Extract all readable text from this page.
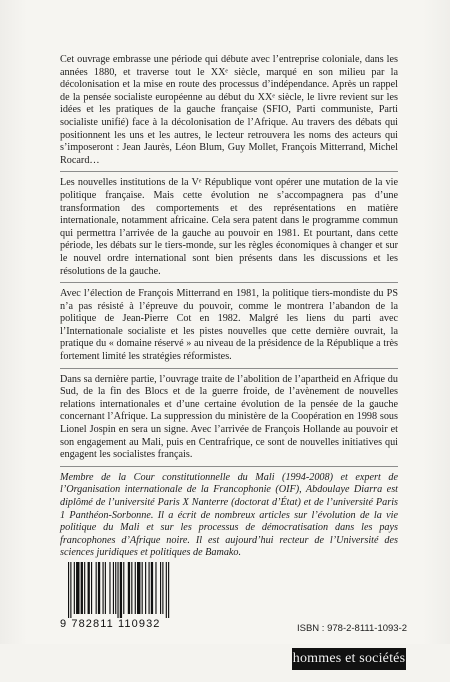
Cet ouvrage embrasse une période qui débute avec l’entreprise coloniale, dans les années 1880, et traverse tout le XXᵉ siècle, marqué en son milieu par la décolonisation et la mise en route des processus d’indépendance. Après un rappel de la pensée socialiste européenne au début du XXᵉ siècle, le livre revient sur les idées et les pratiques de la gauche française (SFIO, Parti communiste, Parti socialiste unifié) face à la décolonisation de l’Afrique. Au travers des débats qui positionnent les uns et les autres, le lecteur retrouvera les noms des acteurs qui s’imposeront : Jean Jaurès, Léon Blum, Guy Mollet, François Mitterrand, Michel Rocard…

Les nouvelles institutions de la Vᵉ République vont opérer une mutation de la vie politique française. Mais cette évolution ne s’accompagnera pas d’une transformation des comportements et des représentations en matière internationale, notamment africaine. Cela sera patent dans le programme commun qui permettra l’arrivée de la gauche au pouvoir en 1981. Et pourtant, dans cette période, les débats sur le tiers-monde, sur les règles économiques à changer et sur le nouvel ordre international sont bien présents dans les discussions et les résolutions de la gauche.

Avec l’élection de François Mitterrand en 1981, la politique tiers-mondiste du PS n’a pas résisté à l’épreuve du pouvoir, comme le montrera l’abandon de la politique de Jean-Pierre Cot en 1982. Malgré les liens du parti avec l’Internationale socialiste et les pistes nouvelles que cette dernière ouvrait, la pratique du « domaine réservé » au niveau de la présidence de la République a très fortement limité les stratégies réformistes.

Dans sa dernière partie, l’ouvrage traite de l’abolition de l’apartheid en Afrique du Sud, de la fin des Blocs et de la guerre froide, de l’avènement de nouvelles relations internationales et d’une certaine évolution de la pensée de la gauche concernant l’Afrique. La suppression du ministère de la Coopération en 1998 sous Lionel Jospin en sera un signe. Avec l’arrivée de François Hollande au pouvoir et son engagement au Mali, puis en Centrafrique, ce sont de nouvelles initiatives qui engagent les socialistes français.

Membre de la Cour constitutionnelle du Mali (1994-2008) et expert de l’Organisation internationale de la Francophonie (OIF), Abdoulaye Diarra est diplômé de l’université Paris X Nanterre (doctorat d’État) et de l’université Paris 1 Panthéon-Sorbonne. Il a écrit de nombreux articles sur l’évolution de la vie politique du Mali et sur les processus de démocratisation dans les pays francophones d’Afrique noire. Il est aujourd’hui recteur de l’Université des sciences juridiques et politiques de Bamako.

9 782811 110932	ISBN : 978-2-8111-1093-2
hommes et sociétés
